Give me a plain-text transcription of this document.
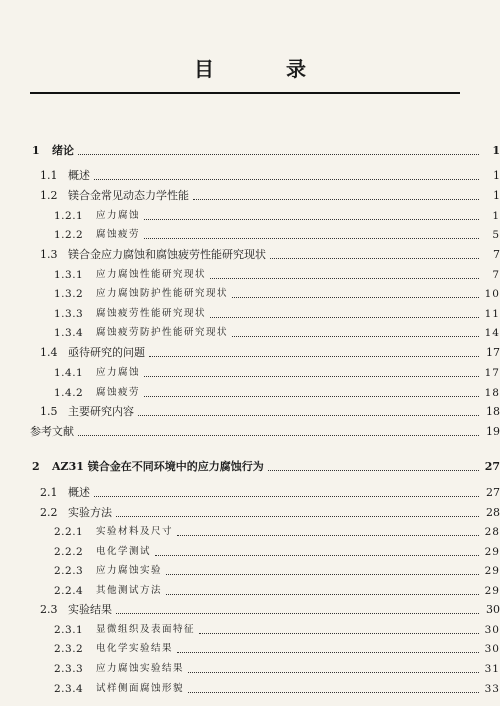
目　录
1	绪论	1
1.1 概述	1
1.2 镁合金常见动态力学性能	1
1.2.1	应力腐蚀	1
1.2.2	腐蚀疲劳	5
1.3 镁合金应力腐蚀和腐蚀疲劳性能研究现状	7
1.3.1	应力腐蚀性能研究现状	7
1.3.2	应力腐蚀防护性能研究现状	10
1.3.3	腐蚀疲劳性能研究现状	11
1.3.4	腐蚀疲劳防护性能研究现状	14
1.4 亟待研究的问题	17
1.4.1	应力腐蚀	17
1.4.2	腐蚀疲劳	18
1.5 主要研究内容	18
参考文献	19
2	AZ31 镁合金在不同环境中的应力腐蚀行为	27
2.1 概述	27
2.2 实验方法	28
2.2.1	实验材料及尺寸	28
2.2.2	电化学测试	29
2.2.3	应力腐蚀实验	29
2.2.4	其他测试方法	29
2.3 实验结果	30
2.3.1	显微组织及表面特征	30
2.3.2	电化学实验结果	30
2.3.3	应力腐蚀实验结果	31
2.3.4	试样侧面腐蚀形貌	33
